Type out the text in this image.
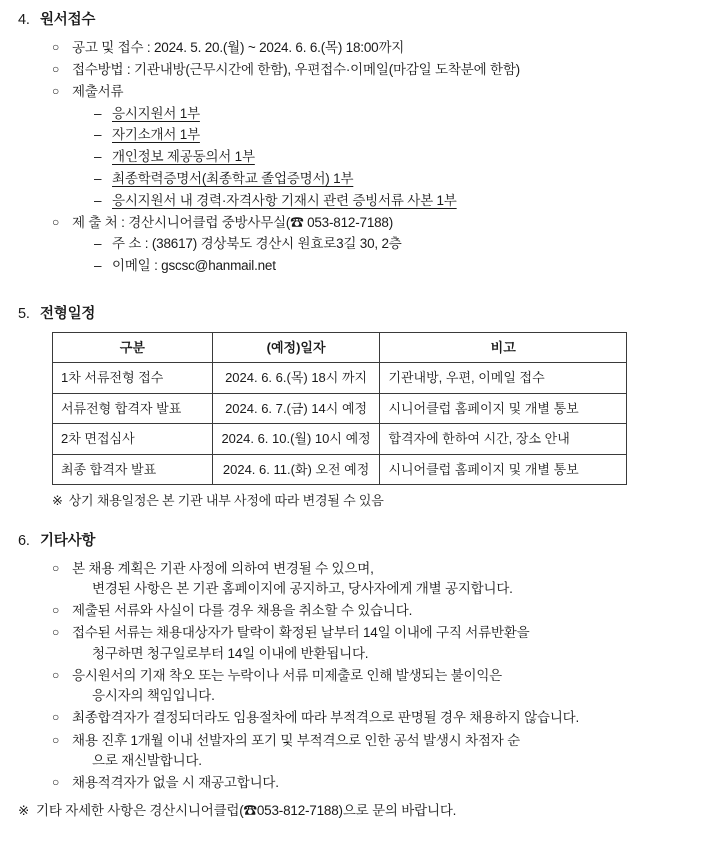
4. 원서접수
○ 공고 및 접수 : 2024. 5. 20.(월) ~ 2024. 6. 6.(목) 18:00까지
○ 접수방법 : 기관내방(근무시간에 한함), 우편접수·이메일(마감일 도착분에 한함)
○ 제출서류
– 응시지원서 1부
– 자기소개서 1부
– 개인정보 제공동의서 1부
– 최종학력증명서(최종학교 졸업증명서) 1부
– 응시지원서 내 경력·자격사항 기재시 관련 증빙서류 사본 1부
○ 제 출 처 : 경산시니어클럽 중방사무실(☎ 053-812-7188)
– 주 소 : (38617) 경상북도 경산시 원효로3길 30, 2층
– 이메일 : gscsc@hanmail.net
5. 전형일정
구분	(예정)일자	비고
1차 서류전형 접수	2024. 6. 6.(목) 18시 까지	기관내방, 우편, 이메일 접수
서류전형 합격자 발표	2024. 6. 7.(금) 14시 예정	시니어클럽 홈페이지 및 개별 통보
2차 면접심사	2024. 6. 10.(월) 10시 예정	합격자에 한하여 시간, 장소 안내
최종 합격자 발표	2024. 6. 11.(화) 오전 예정	시니어클럽 홈페이지 및 개별 통보
※ 상기 채용일정은 본 기관 내부 사정에 따라 변경될 수 있음
6. 기타사항
○ 본 채용 계획은 기관 사정에 의하여 변경될 수 있으며,
변경된 사항은 본 기관 홈페이지에 공지하고, 당사자에게 개별 공지합니다.
○ 제출된 서류와 사실이 다를 경우 채용을 취소할 수 있습니다.
○ 접수된 서류는 채용대상자가 탈락이 확정된 날부터 14일 이내에 구직 서류반환을
청구하면 청구일로부터 14일 이내에 반환됩니다.
○ 응시원서의 기재 착오 또는 누락이나 서류 미제출로 인해 발생되는 불이익은
응시자의 책임입니다.
○ 최종합격자가 결정되더라도 임용절차에 따라 부적격으로 판명될 경우 채용하지 않습니다.
○ 채용 진후 1개월 이내 선발자의 포기 및 부적격으로 인한 공석 발생시 차점자 순
으로 재신발합니다.
○ 채용적격자가 없을 시 재공고합니다.
※ 기타 자세한 사항은 경산시니어클럽(☎053-812-7188)으로 문의 바랍니다.
